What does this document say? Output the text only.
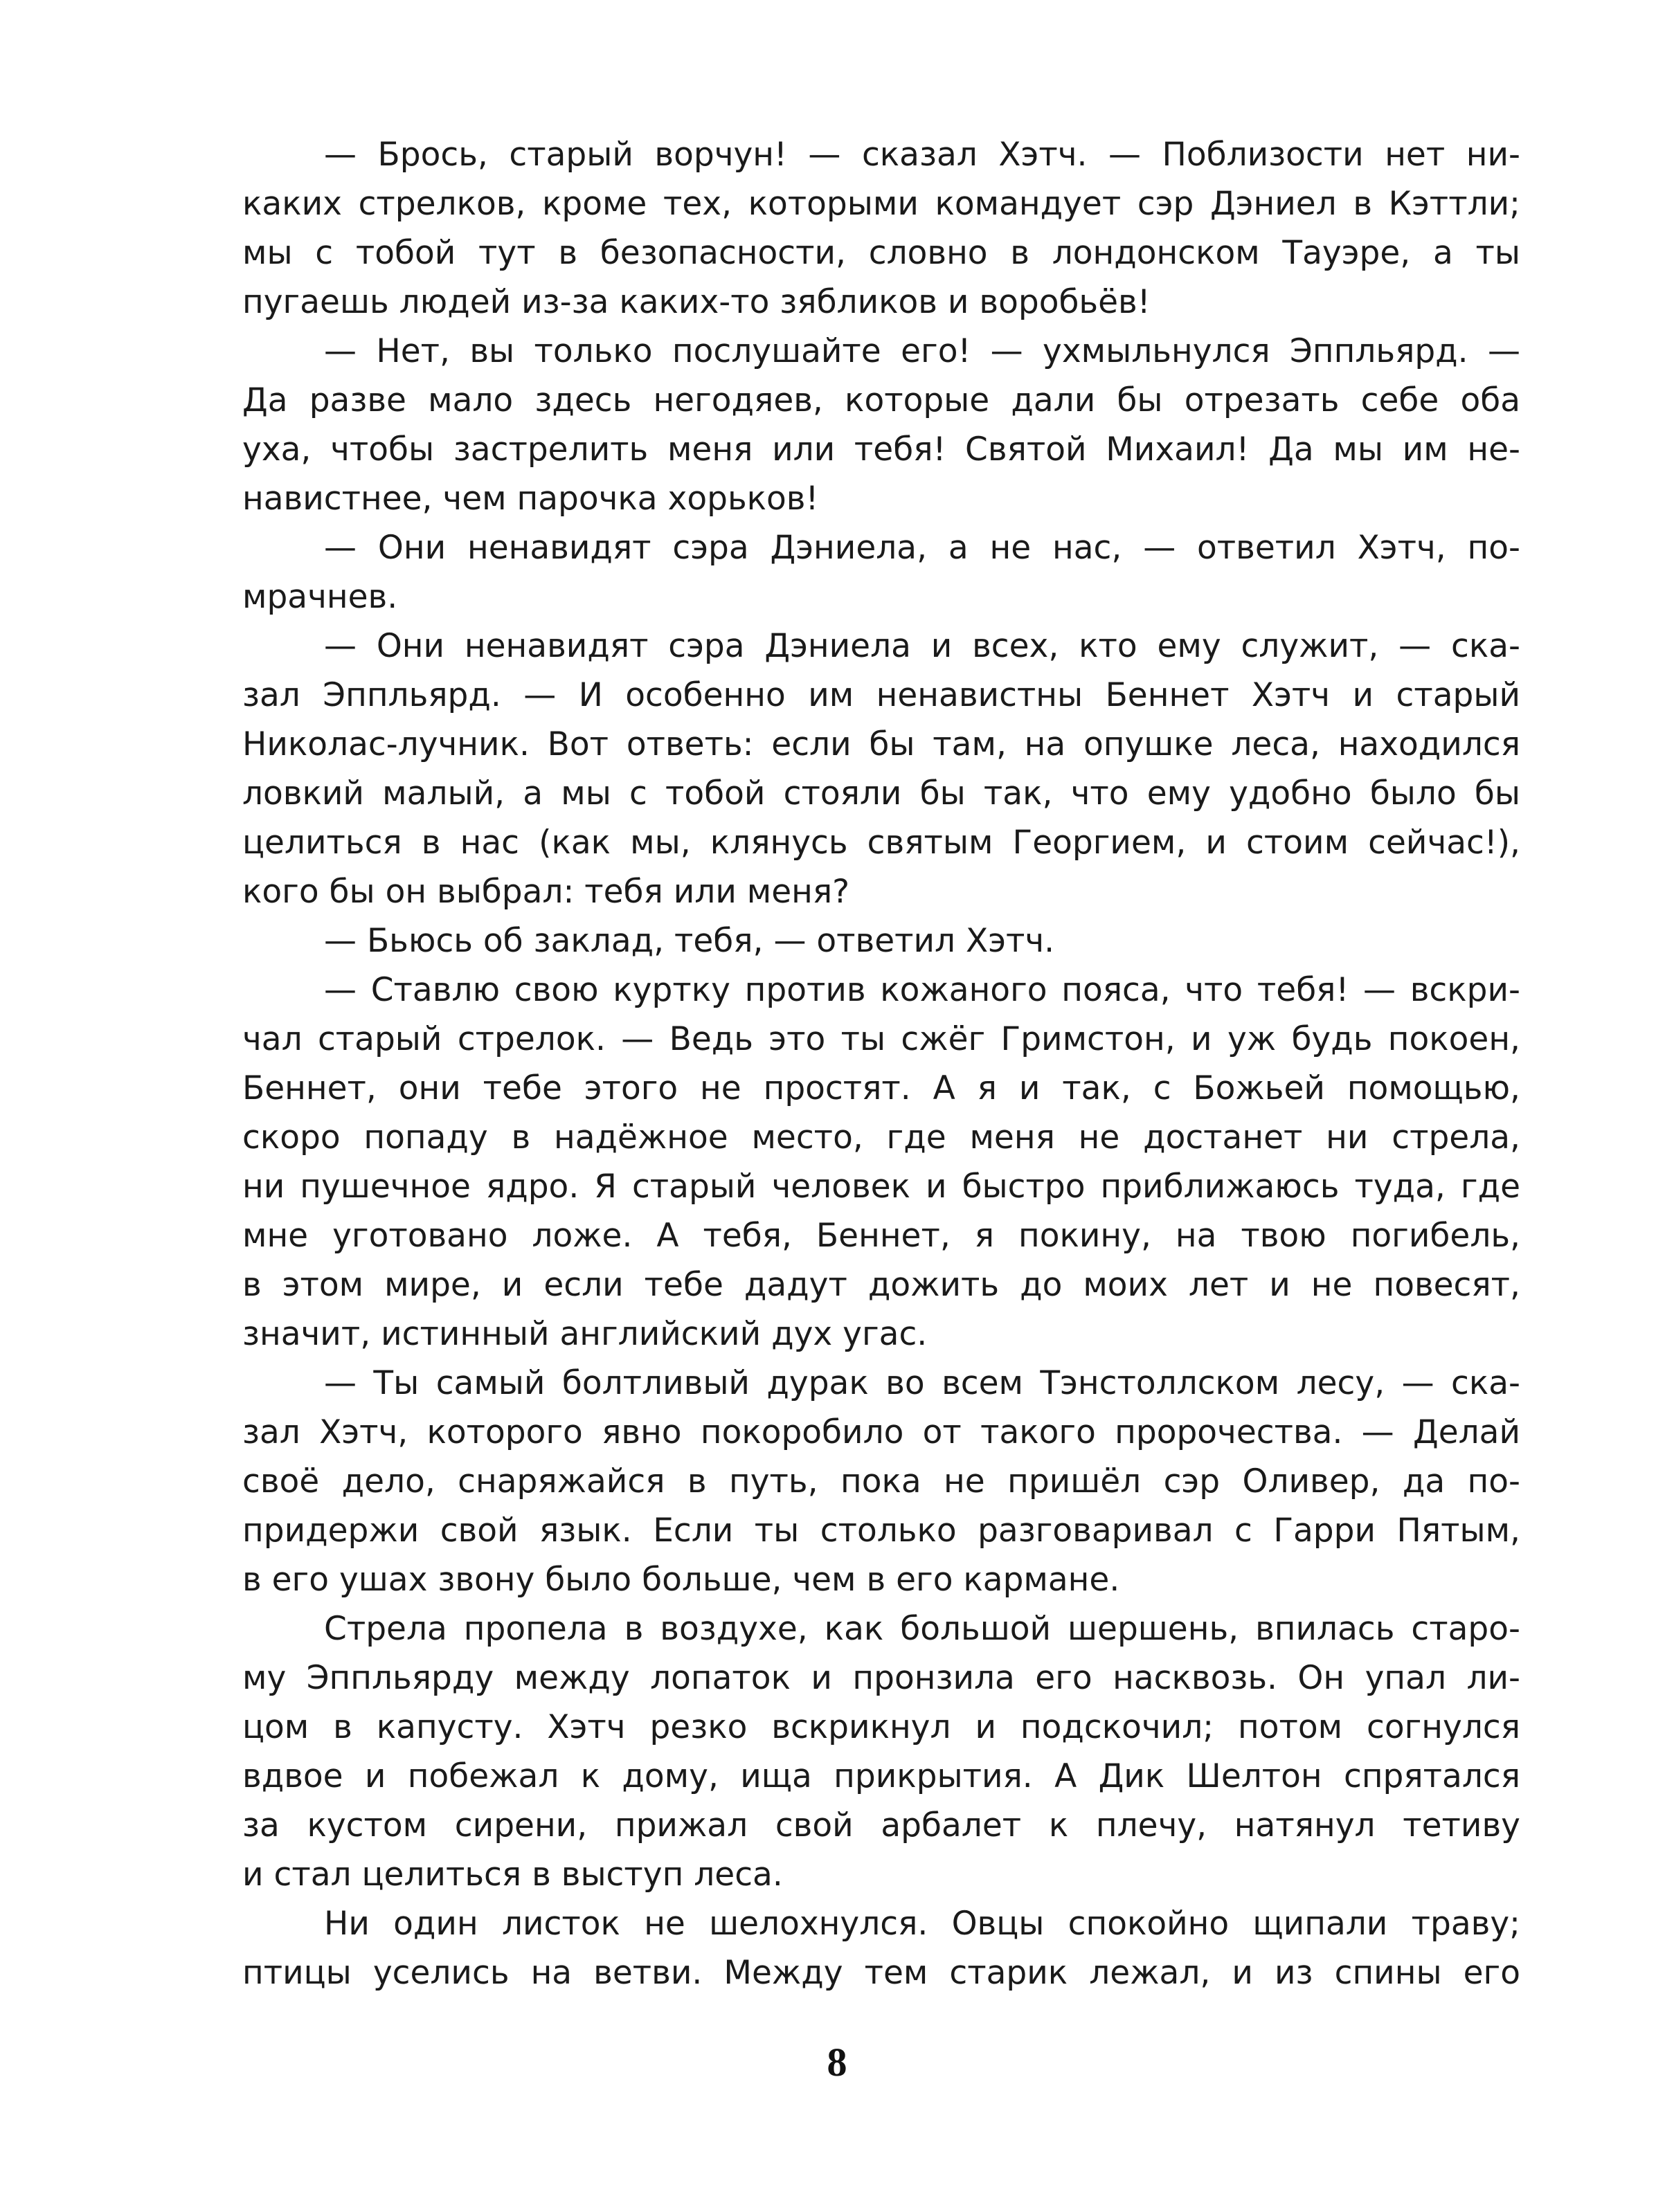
— Брось, старый ворчун! — сказал Хэтч. — Поблизости нет ни-
каких стрелков, кроме тех, которыми командует сэр Дэниел в Кэттли;
мы с тобой тут в безопасности, словно в лондонском Тауэре, а ты
пугаешь людей из-за каких-то зябликов и воробьёв!
— Нет, вы только послушайте его! — ухмыльнулся Эппльярд. —
Да разве мало здесь негодяев, которые дали бы отрезать себе оба
уха, чтобы застрелить меня или тебя! Святой Михаил! Да мы им не-
навистнее, чем парочка хорьков!
— Они ненавидят сэра Дэниела, а не нас, — ответил Хэтч, по-
мрачнев.
— Они ненавидят сэра Дэниела и всех, кто ему служит, — ска-
зал Эппльярд. — И особенно им ненавистны Беннет Хэтч и старый
Николас-лучник. Вот ответь: если бы там, на опушке леса, находился
ловкий малый, а мы с тобой стояли бы так, что ему удобно было бы
целиться в нас (как мы, клянусь святым Георгием, и стоим сейчас!),
кого бы он выбрал: тебя или меня?
— Бьюсь об заклад, тебя, — ответил Хэтч.
— Ставлю свою куртку против кожаного пояса, что тебя! — вскри-
чал старый стрелок. — Ведь это ты сжёг Гримстон, и уж будь покоен,
Беннет, они тебе этого не простят. А я и так, с Божьей помощью,
скоро попаду в надёжное место, где меня не достанет ни стрела,
ни пушечное ядро. Я старый человек и быстро приближаюсь туда, где
мне уготовано ложе. А тебя, Беннет, я покину, на твою погибель,
в этом мире, и если тебе дадут дожить до моих лет и не повесят,
значит, истинный английский дух угас.
— Ты самый болтливый дурак во всем Тэнстоллском лесу, — ска-
зал Хэтч, которого явно покоробило от такого пророчества. — Делай
своё дело, снаряжайся в путь, пока не пришёл сэр Оливер, да по-
придержи свой язык. Если ты столько разговаривал с Гарри Пятым,
в его ушах звону было больше, чем в его кармане.
Стрела пропела в воздухе, как большой шершень, впилась старо-
му Эппльярду между лопаток и пронзила его насквозь. Он упал ли-
цом в капусту. Хэтч резко вскрикнул и подскочил; потом согнулся
вдвое и побежал к дому, ища прикрытия. А Дик Шелтон спрятался
за кустом сирени, прижал свой арбалет к плечу, натянул тетиву
и стал целиться в выступ леса.
Ни один листок не шелохнулся. Овцы спокойно щипали траву;
птицы уселись на ветви. Между тем старик лежал, и из спины его
8
